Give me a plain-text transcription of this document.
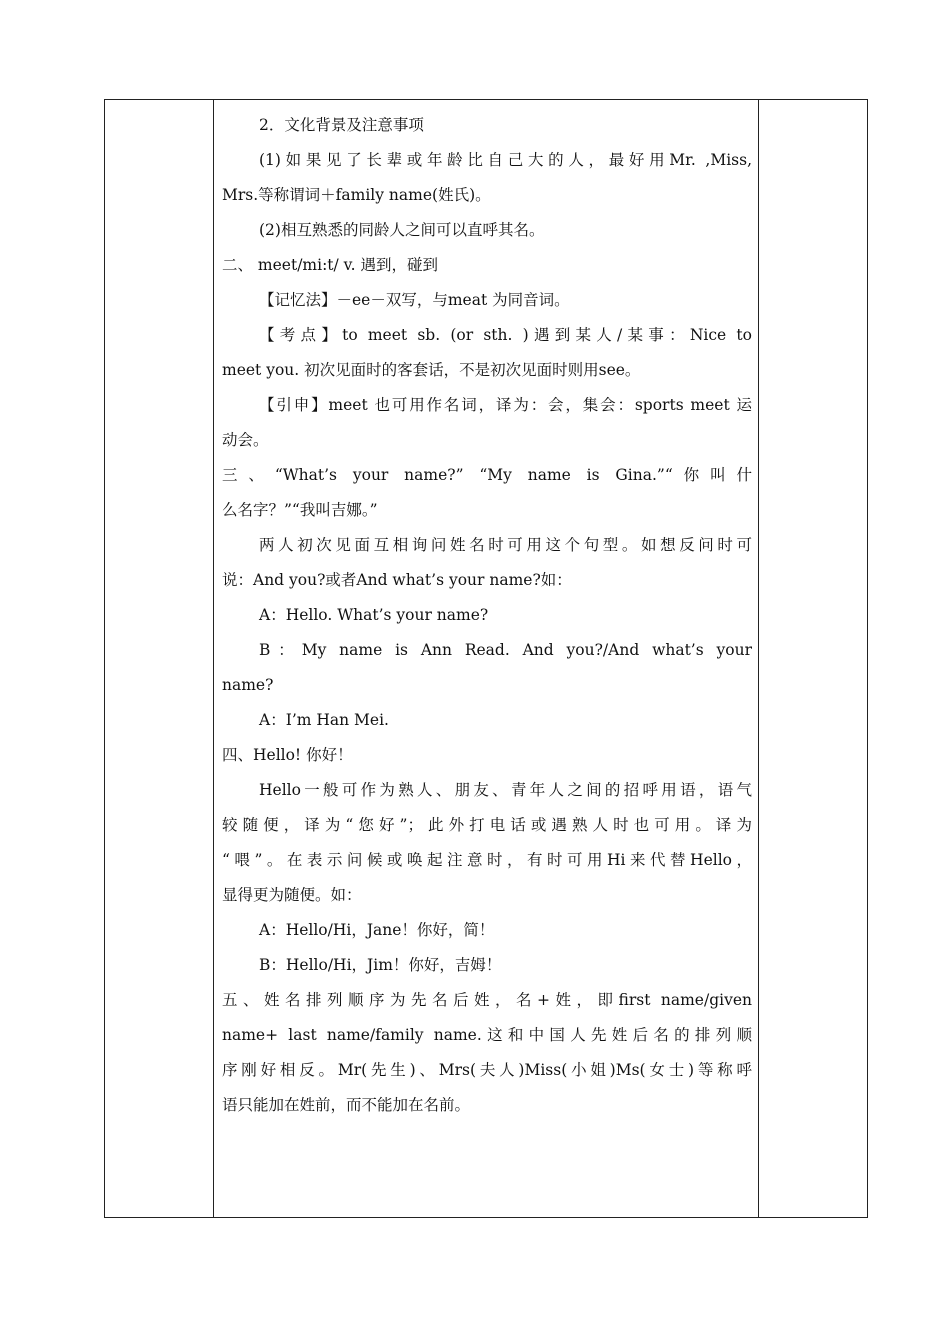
2．文化背景及注意事项
(1)如果见了长辈或年龄比自己大的人，最好用Mr. ,Miss,
Mrs.等称谓词＋family name(姓氏)。
(2)相互熟悉的同龄人之间可以直呼其名。
二、 meet/mi:t/ v. 遇到，碰到
【记忆法】－ee－双写，与meat 为同音词。
【考点】to meet sb. (or sth. )遇到某人/某事：Nice to
meet you. 初次见面时的客套话，不是初次见面时则用see。
【引申】meet 也可用作名词，译为：会，集会：sports meet 运
动会。
三、“What’s your name?” “My name is Gina.”“你叫什
么名字？”“我叫吉娜。”
两人初次见面互相询问姓名时可用这个句型。如想反问时可
说：And you?或者And what’s your name?如：
A：Hello. What’s your name?
B：My name is Ann Read. And you?/And what’s your
name?
A：I’m Han Mei.
四、Hello! 你好！
Hello一般可作为熟人、朋友、青年人之间的招呼用语，语气
较随便，译为“您好”；此外打电话或遇熟人时也可用。译为
“喂”。在表示问候或唤起注意时，有时可用Hi来代替Hello，
显得更为随便。如：
A：Hello/Hi，Jane！你好，简！
B：Hello/Hi，Jim！你好，吉姆！
五、姓名排列顺序为先名后姓，名+姓，即first name/given
name+ last name/family name.这和中国人先姓后名的排列顺
序刚好相反。Mr(先生)、Mrs(夫人)Miss(小姐)Ms(女士)等称呼
语只能加在姓前，而不能加在名前。
